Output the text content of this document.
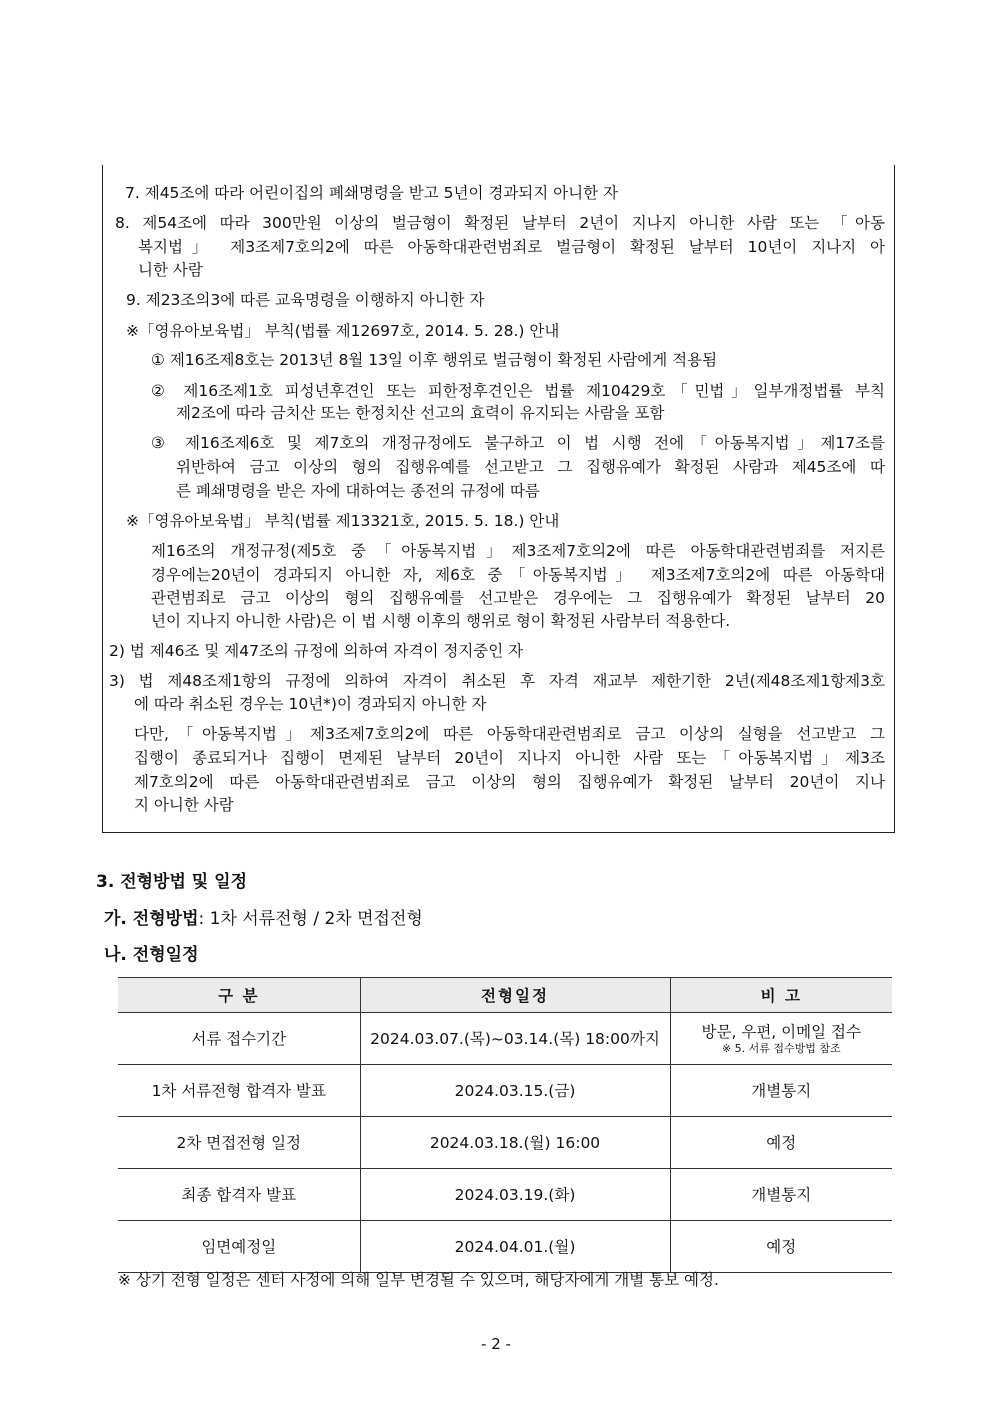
7. 제45조에 따라 어린이집의 폐쇄명령을 받고 5년이 경과되지 아니한 자
8. 제54조에 따라 300만원 이상의 벌금형이 확정된 날부터 2년이 지나지 아니한 사람 또는 「아동
복지법」 제3조제7호의2에 따른 아동학대관련범죄로 벌금형이 확정된 날부터 10년이 지나지 아
니한 사람
9. 제23조의3에 따른 교육명령을 이행하지 아니한 자
※「영유아보육법」 부칙(법률 제12697호, 2014. 5. 28.) 안내
① 제16조제8호는 2013년 8월 13일 이후 행위로 벌금형이 확정된 사람에게 적용됨
② 제16조제1호 피성년후견인 또는 피한정후견인은 법률 제10429호「민법」일부개정법률 부칙
제2조에 따라 금치산 또는 한정치산 선고의 효력이 유지되는 사람을 포함
③ 제16조제6호 및 제7호의 개정규정에도 불구하고 이 법 시행 전에「아동복지법」제17조를
위반하여 금고 이상의 형의 집행유예를 선고받고 그 집행유예가 확정된 사람과 제45조에 따
른 폐쇄명령을 받은 자에 대하여는 종전의 규정에 따름
※「영유아보육법」 부칙(법률 제13321호, 2015. 5. 18.) 안내
제16조의 개정규정(제5호 중「아동복지법」제3조제7호의2에 따른 아동학대관련범죄를 저지른
경우에는20년이 경과되지 아니한 자, 제6호 중「아동복지법」 제3조제7호의2에 따른 아동학대
관련범죄로 금고 이상의 형의 집행유예를 선고받은 경우에는 그 집행유예가 확정된 날부터 20
년이 지나지 아니한 사람)은 이 법 시행 이후의 행위로 형이 확정된 사람부터 적용한다.
2) 법 제46조 및 제47조의 규정에 의하여 자격이 정지중인 자
3) 법 제48조제1항의 규정에 의하여 자격이 취소된 후 자격 재교부 제한기한 2년(제48조제1항제3호
에 따라 취소된 경우는 10년*)이 경과되지 아니한 자
다만,「아동복지법」제3조제7호의2에 따른 아동학대관련범죄로 금고 이상의 실형을 선고받고 그
집행이 종료되거나 집행이 면제된 날부터 20년이 지나지 아니한 사람 또는「아동복지법」제3조
제7호의2에 따른 아동학대관련범죄로 금고 이상의 형의 집행유예가 확정된 날부터 20년이 지나
지 아니한 사람
3. 전형방법 및 일정
가. 전형방법: 1차 서류전형 / 2차 면접전형
나. 전형일정
구 분	전형일정	비 고
서류 접수기간	2024.03.07.(목)~03.14.(목) 18:00까지	방문, 우편, 이메일 접수
※ 5. 서류 접수방법 참조

1차 서류전형 합격자 발표	2024.03.15.(금)	개별통지
2차 면접전형 일정	2024.03.18.(월) 16:00	예정
최종 합격자 발표	2024.03.19.(화)	개별통지
임면예정일	2024.04.01.(월)	예정
※ 상기 전형 일정은 센터 사정에 의해 일부 변경될 수 있으며, 해당자에게 개별 통보 예정.
- 2 -
